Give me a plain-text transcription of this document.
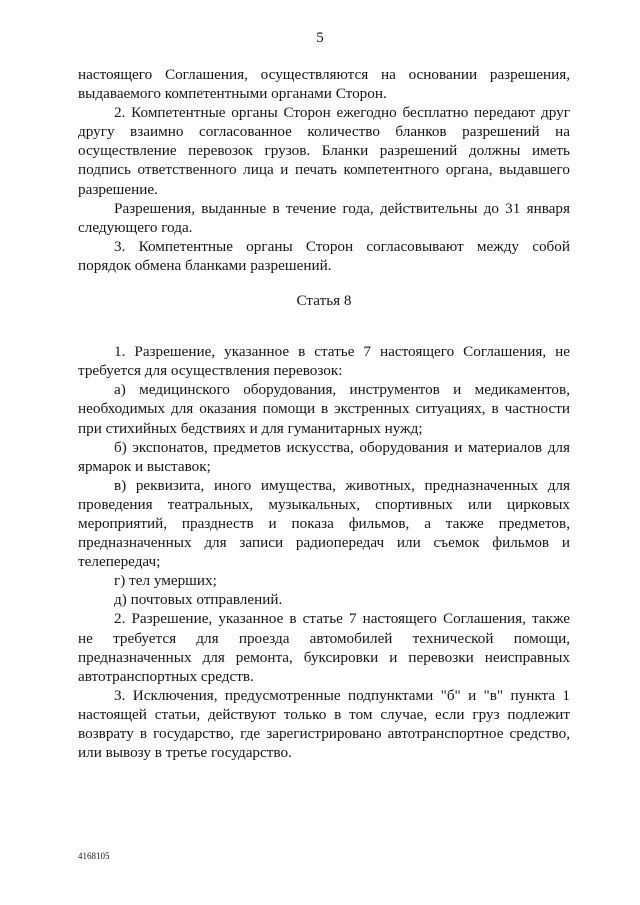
5

настоящего Соглашения, осуществляются на основании разрешения, выдаваемого компетентными органами Сторон.

2. Компетентные органы Сторон ежегодно бесплатно передают друг другу взаимно согласованное количество бланков разрешений на осуществление перевозок грузов. Бланки разрешений должны иметь подпись ответственного лица и печать компетентного органа, выдавшего разрешение.

Разрешения, выданные в течение года, действительны до 31 января следующего года.

3. Компетентные органы Сторон согласовывают между собой порядок обмена бланками разрешений.

Статья 8

1. Разрешение, указанное в статье 7 настоящего Соглашения, не требуется для осуществления перевозок:

а) медицинского оборудования, инструментов и медикаментов, необходимых для оказания помощи в экстренных ситуациях, в частности при стихийных бедствиях и для гуманитарных нужд;

б) экспонатов, предметов искусства, оборудования и материалов для ярмарок и выставок;

в) реквизита, иного имущества, животных, предназначенных для проведения театральных, музыкальных, спортивных или цирковых мероприятий, празднеств и показа фильмов, а также предметов, предназначенных для записи радиопередач или съемок фильмов и телепередач;

г) тел умерших;

д) почтовых отправлений.

2. Разрешение, указанное в статье 7 настоящего Соглашения, также не требуется для проезда автомобилей технической помощи, предназначенных для ремонта, буксировки и перевозки неисправных автотранспортных средств.

3. Исключения, предусмотренные подпунктами "б" и "в" пункта 1 настоящей статьи, действуют только в том случае, если груз подлежит возврату в государство, где зарегистрировано автотранспортное средство, или вывозу в третье государство.

4168105
